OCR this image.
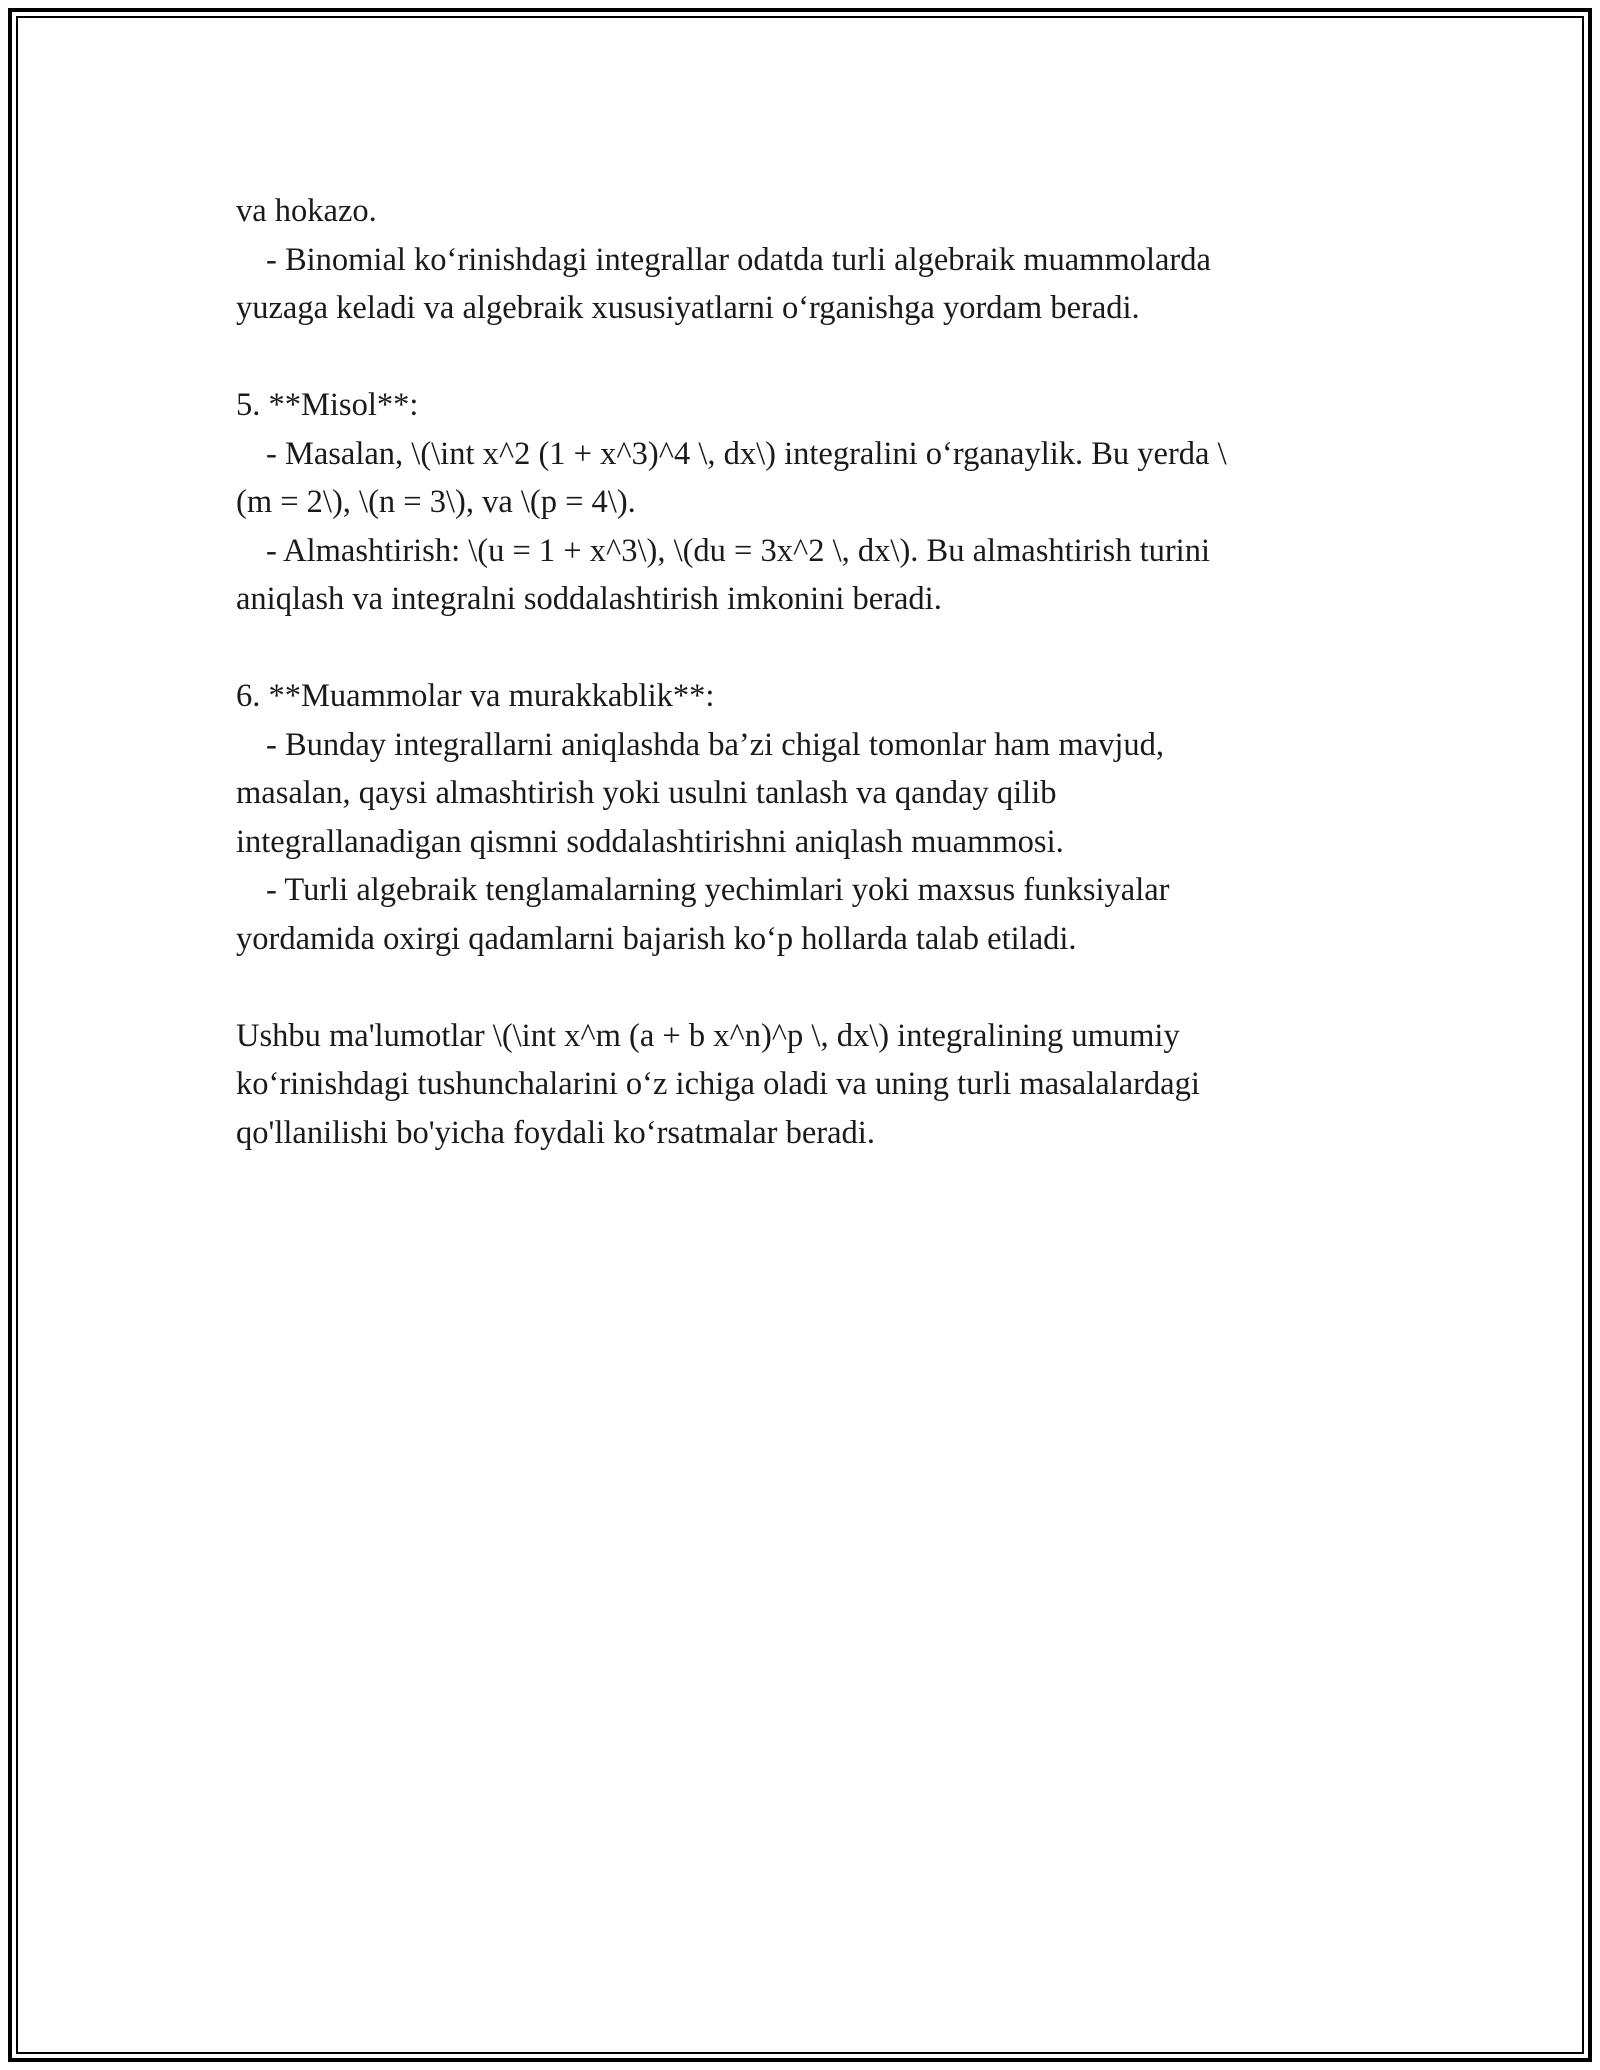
va hokazo.
- Binomial ko‘rinishdagi integrallar odatda turli algebraik muammolarda
yuzaga keladi va algebraik xususiyatlarni o‘rganishga yordam beradi.
5. **Misol**:
- Masalan, \(\int x^2 (1 + x^3)^4 \, dx\) integralini o‘rganaylik. Bu yerda \
(m = 2\), \(n = 3\), va \(p = 4\).
- Almashtirish: \(u = 1 + x^3\), \(du = 3x^2 \, dx\). Bu almashtirish turini
aniqlash va integralni soddalashtirish imkonini beradi.
6. **Muammolar va murakkablik**:
- Bunday integrallarni aniqlashda ba’zi chigal tomonlar ham mavjud,
masalan, qaysi almashtirish yoki usulni tanlash va qanday qilib
integrallanadigan qismni soddalashtirishni aniqlash muammosi.
- Turli algebraik tenglamalarning yechimlari yoki maxsus funksiyalar
yordamida oxirgi qadamlarni bajarish ko‘p hollarda talab etiladi.
Ushbu ma'lumotlar \(\int x^m (a + b x^n)^p \, dx\) integralining umumiy
ko‘rinishdagi tushunchalarini o‘z ichiga oladi va uning turli masalalardagi
qo'llanilishi bo'yicha foydali ko‘rsatmalar beradi.
